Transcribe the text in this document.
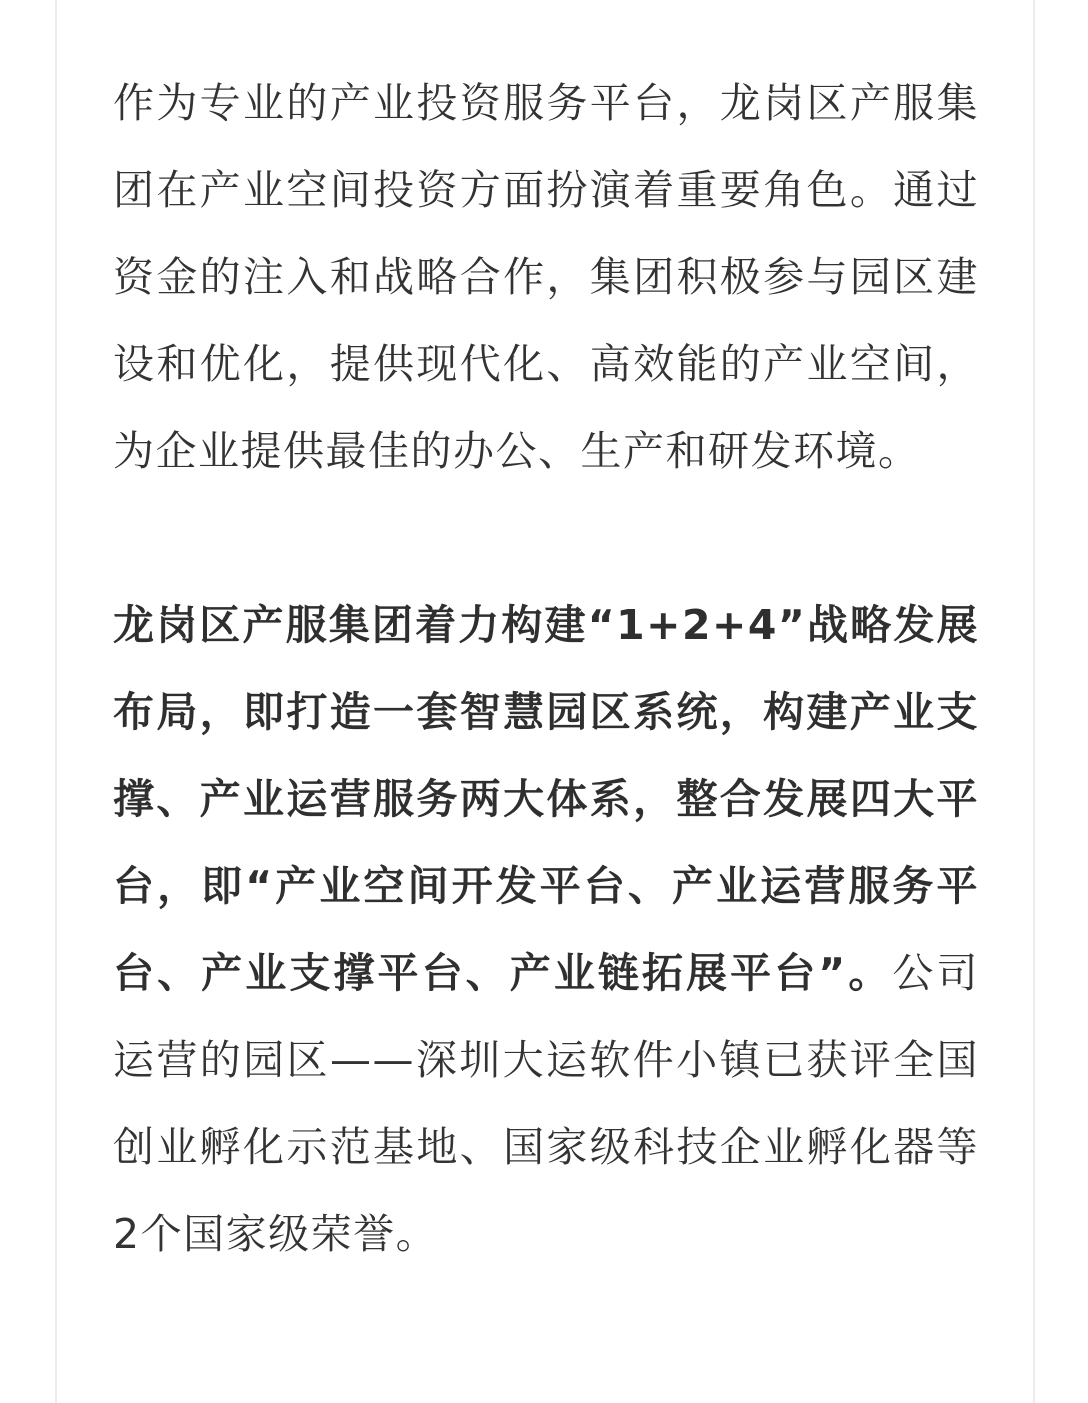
作为专业的产业投资服务平台，龙岗区产服集团在产业空间投资方面扮演着重要角色。通过资金的注入和战略合作，集团积极参与园区建设和优化，提供现代化、高效能的产业空间，为企业提供最佳的办公、生产和研发环境。

龙岗区产服集团着力构建“1+2+4”战略发展布局，即打造一套智慧园区系统，构建产业支撑、产业运营服务两大体系，整合发展四大平台，即“产业空间开发平台、产业运营服务平台、产业支撑平台、产业链拓展平台”。公司运营的园区——深圳大运软件小镇已获评全国创业孵化示范基地、国家级科技企业孵化器等2个国家级荣誉。
